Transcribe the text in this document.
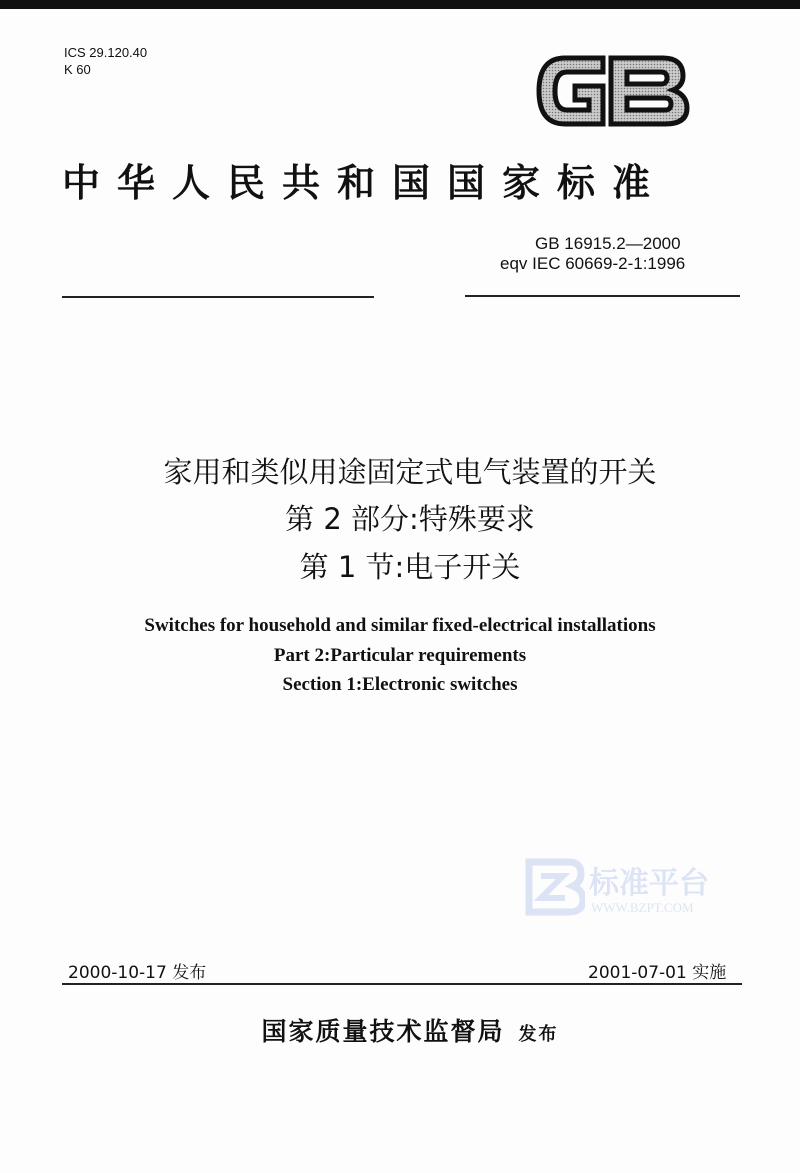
ICS 29.120.40
K 60
中华人民共和国国家标准
GB 16915.2—2000
eqv IEC 60669-2-1:1996
家用和类似用途固定式电气装置的开关
第 2 部分:特殊要求
第 1 节:电子开关
Switches for household and similar fixed-electrical installations
Part 2:Particular requirements
Section 1:Electronic switches
标准平台
WWW.BZPT.COM
2000-10-17 发布	2001-07-01 实施
国家质量技术监督局 发布
